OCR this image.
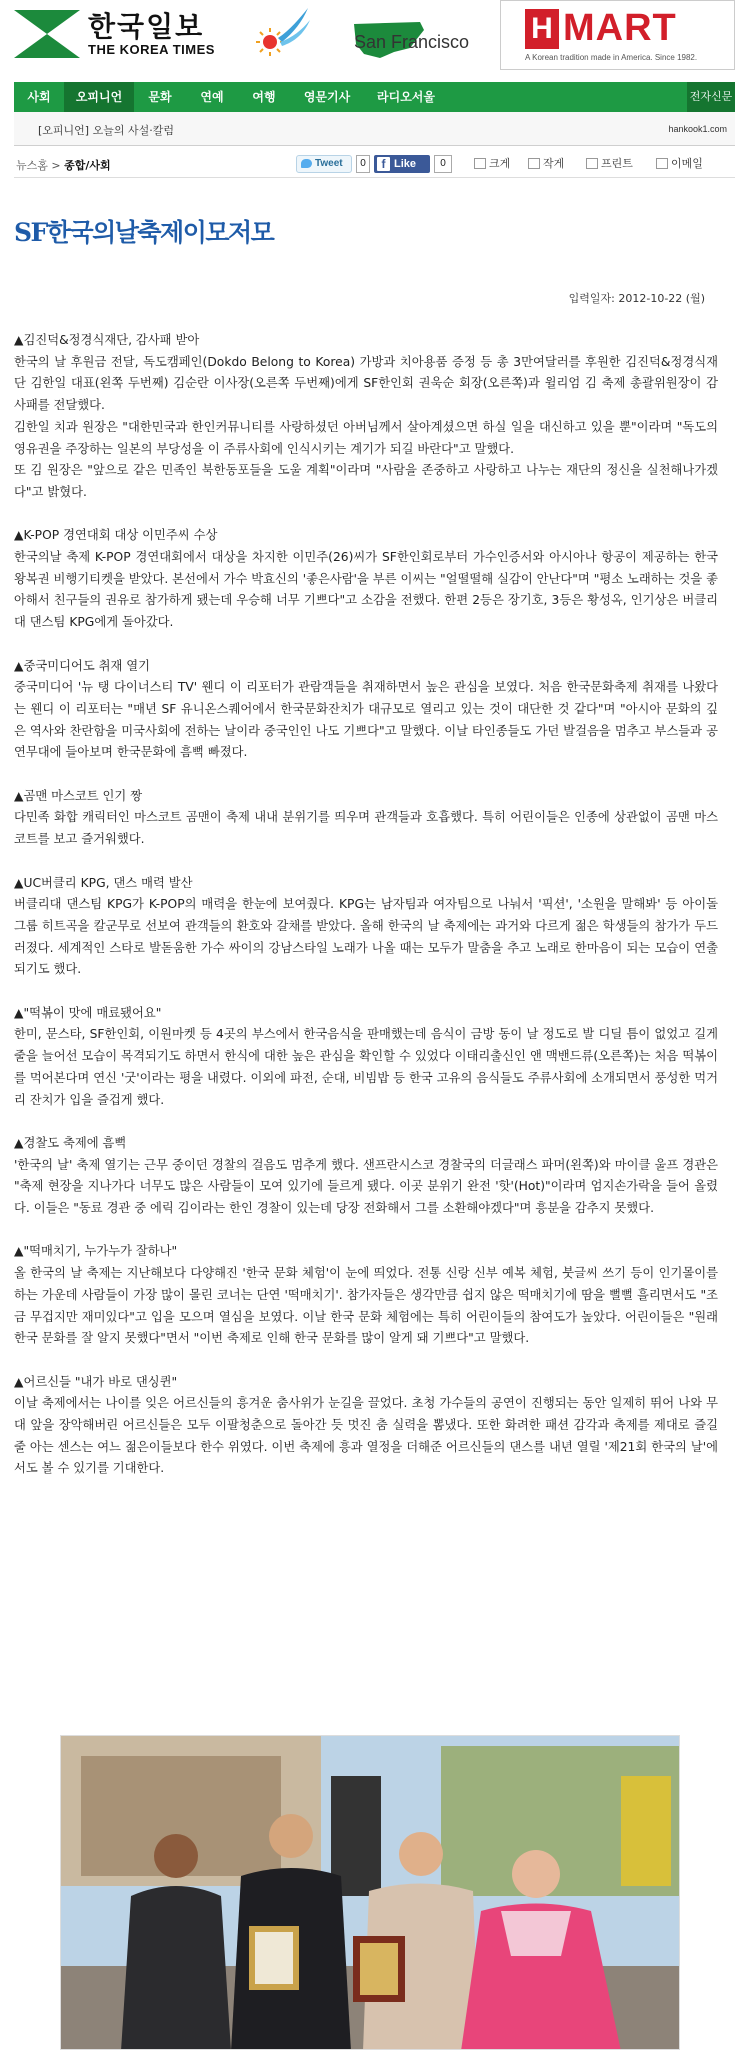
한국일보
THE KOREA TIMES	San Francisco H MART
A Korean tradition made in America. Since 1982.
사회	오피니언	문화	연예	여행	영문기사	라디오서울	전자신문
[오피니언] 오늘의 사설·칼럼	hankook1.com
뉴스홈 > 종합/사회	Tweet	0	f Like	0	크게	작게	프린트	이메일
SF한국의날축제이모저모
입력일자: 2012-10-22 (월)
▲김진덕&정경식재단, 감사패 받아

한국의 날 후원금 전달, 독도캠페인(Dokdo Belong to Korea) 가방과 치아용품 증정 등 총 3만여달러를 후원한 김진덕&정경식재단 김한일 대표(왼쪽 두번째) 김순란 이사장(오른쪽 두번째)에게 SF한인회 권욱순 회장(오른쪽)과 윌리엄 김 축제 총괄위원장이 감사패를 전달했다.
김한일 치과 원장은 "대한민국과 한인커뮤니티를 사랑하셨던 아버님께서 살아계셨으면 하실 일을 대신하고 있을 뿐"이라며 "독도의 영유권을 주장하는 일본의 부당성을 이 주류사회에 인식시키는 계기가 되길 바란다"고 말했다.
또 김 원장은 "앞으로 같은 민족인 북한동포들을 도울 계획"이라며 "사람을 존중하고 사랑하고 나누는 재단의 정신을 실천해나가겠다"고 밝혔다.

▲K-POP 경연대회 대상 이민주씨 수상

한국의날 축제 K-POP 경연대회에서 대상을 차지한 이민주(26)씨가 SF한인회로부터 가수인증서와 아시아나 항공이 제공하는 한국왕복권 비행기티켓을 받았다. 본선에서 가수 박효신의 '좋은사람'을 부른 이씨는 "얼떨떨해 실감이 안난다"며 "평소 노래하는 것을 좋아해서 친구들의 권유로 참가하게 됐는데 우승해 너무 기쁘다"고 소감을 전했다. 한편 2등은 장기호, 3등은 황성옥, 인기상은 버클리대 댄스팀 KPG에게 돌아갔다.

▲중국미디어도 취재 열기

중국미디어 '뉴 탱 다이너스티 TV' 웬디 이 리포터가 관람객들을 취재하면서 높은 관심을 보였다. 처음 한국문화축제 취재를 나왔다는 웬디 이 리포터는 "매년 SF 유니온스퀘어에서 한국문화잔치가 대규모로 열리고 있는 것이 대단한 것 같다"며 "아시아 문화의 깊은 역사와 찬란함을 미국사회에 전하는 날이라 중국인인 나도 기쁘다"고 말했다. 이날 타인종들도 가던 발걸음을 멈추고 부스들과 공연무대에 들아보며 한국문화에 흠뻑 빠졌다.

▲곰맨 마스코트 인기 짱

다민족 화합 캐릭터인 마스코트 곰맨이 축제 내내 분위기를 띄우며 관객들과 호흡했다. 특히 어린이들은 인종에 상관없이 곰맨 마스코트를 보고 즐거워했다.

▲UC버클리 KPG, 댄스 매력 발산

버클리대 댄스팀 KPG가 K-POP의 매력을 한눈에 보여줬다. KPG는 남자팀과 여자팀으로 나눠서 '픽션', '소원을 말해봐' 등 아이돌 그룹 히트곡을 칼군무로 선보여 관객들의 환호와 갈채를 받았다. 올해 한국의 날 축제에는 과거와 다르게 젊은 학생들의 참가가 두드러졌다. 세계적인 스타로 발돋움한 가수 싸이의 강남스타일 노래가 나올 때는 모두가 말춤을 추고 노래로 한마음이 되는 모습이 연출되기도 했다.

▲"떡볶이 맛에 매료됐어요"

한미, 문스타, SF한인회, 이원마켓 등 4곳의 부스에서 한국음식을 판매했는데 음식이 금방 동이 날 정도로 발 디딜 틈이 없었고 길게 줄을 늘어선 모습이 목격되기도 하면서 한식에 대한 높은 관심을 확인할 수 있었다 이태리출신인 앤 맥밴드류(오른쪽)는 처음 떡볶이를 먹어본다며 연신 '굿'이라는 평을 내렸다. 이외에 파전, 순대, 비빔밥 등 한국 고유의 음식들도 주류사회에 소개되면서 풍성한 먹거리 잔치가 입을 즐겁게 했다.

▲경찰도 축제에 흠뻑

'한국의 날' 축제 열기는 근무 중이던 경찰의 걸음도 멈추게 했다. 샌프란시스코 경찰국의 더글래스 파머(왼쪽)와 마이클 울프 경관은 "축제 현장을 지나가다 너무도 많은 사람들이 모여 있기에 들르게 됐다. 이곳 분위기 완전 '핫'(Hot)"이라며 엄지손가락을 들어 올렸다. 이들은 "동료 경관 중 에릭 김이라는 한인 경찰이 있는데 당장 전화해서 그를 소환해야겠다"며 흥분을 감추지 못했다.

▲"떡매치기, 누가누가 잘하나"

올 한국의 날 축제는 지난해보다 다양해진 '한국 문화 체험'이 눈에 띄었다. 전통 신랑 신부 예복 체험, 붓글씨 쓰기 등이 인기몰이를 하는 가운데 사람들이 가장 많이 몰린 코너는 단연 '떡매치기'. 참가자들은 생각만큼 쉽지 않은 떡매치기에 땀을 뻘뻘 흘리면서도 "조금 무겁지만 재미있다"고 입을 모으며 열심을 보였다. 이날 한국 문화 체험에는 특히 어린이들의 참여도가 높았다. 어린이들은 "원래 한국 문화를 잘 알지 못했다"면서 "이번 축제로 인해 한국 문화를 많이 알게 돼 기쁘다"고 말했다.

▲어르신들 "내가 바로 댄싱퀸"

이날 축제에서는 나이를 잊은 어르신들의 흥겨운 춤사위가 눈길을 끌었다. 초청 가수들의 공연이 진행되는 동안 일제히 뛰어 나와 무대 앞을 장악해버린 어르신들은 모두 이팔청춘으로 돌아간 듯 멋진 춤 실력을 뽐냈다. 또한 화려한 패션 감각과 축제를 제대로 즐길 줄 아는 센스는 여느 젊은이들보다 한수 위였다. 이번 축제에 흥과 열정을 더해준 어르신들의 댄스를 내년 열릴 '제21회 한국의 날'에서도 볼 수 있기를 기대한다.
